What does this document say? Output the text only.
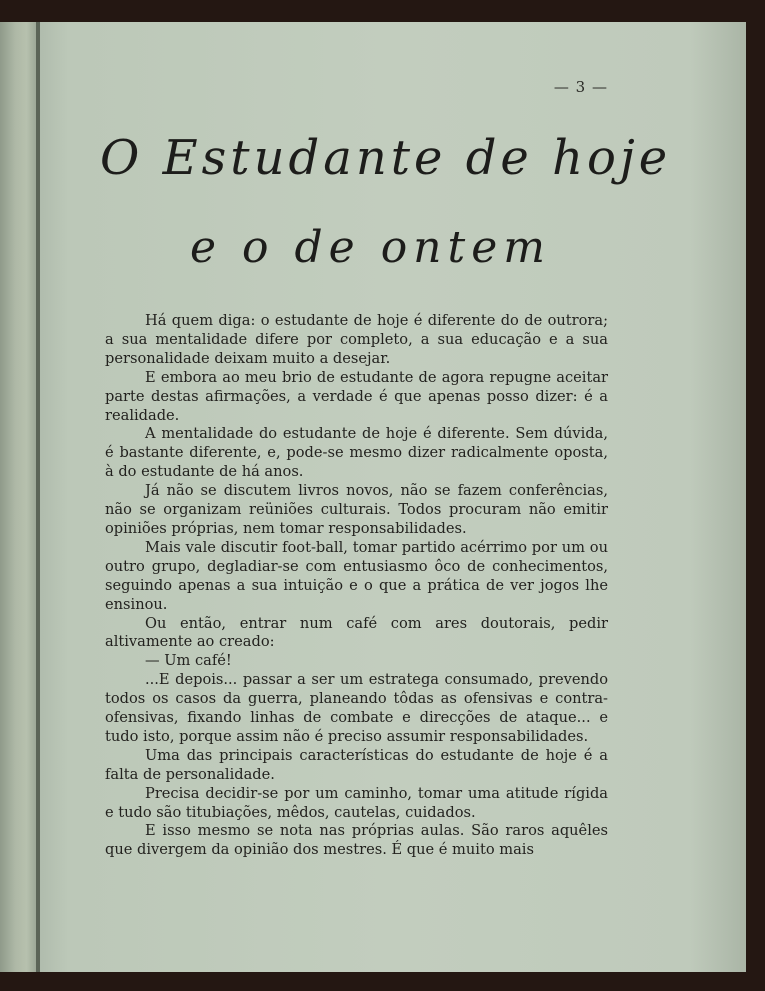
— 3 —
O Estudante de hoje
e o de ontem

Há quem diga: o estudante de hoje é diferente do de outrora; a sua mentalidade difere por completo, a sua educação e a sua personalidade deixam muito a desejar.

E embora ao meu brio de estudante de agora repugne aceitar parte destas afirmações, a verdade é que apenas posso dizer: é a realidade.

A mentalidade do estudante de hoje é diferente. Sem dúvida, é bastante diferente, e, pode-se mesmo dizer radicalmente oposta, à do estudante de há anos.

Já não se discutem livros novos, não se fazem conferências, não se organizam reüniões culturais. Todos procuram não emitir opiniões próprias, nem tomar responsabilidades.

Mais vale discutir foot-ball, tomar partido acérrimo por um ou outro grupo, degladiar-se com entusiasmo ôco de conhecimentos, seguindo apenas a sua intuição e o que a prática de ver jogos lhe ensinou.

Ou então, entrar num café com ares doutorais, pedir altivamente ao creado:

— Um café!

...E depois... passar a ser um estratega consumado, prevendo todos os casos da guerra, planeando tôdas as ofensivas e contra-ofensivas, fixando linhas de combate e direcções de ataque... e tudo isto, porque assim não é preciso assumir responsabilidades.

Uma das principais características do estudante de hoje é a falta de personalidade.

Precisa decidir-se por um caminho, tomar uma atitude rígida e tudo são titubiações, mêdos, cautelas, cuidados.

E isso mesmo se nota nas próprias aulas. São raros aquêles que divergem da opinião dos mestres. É que é muito mais
